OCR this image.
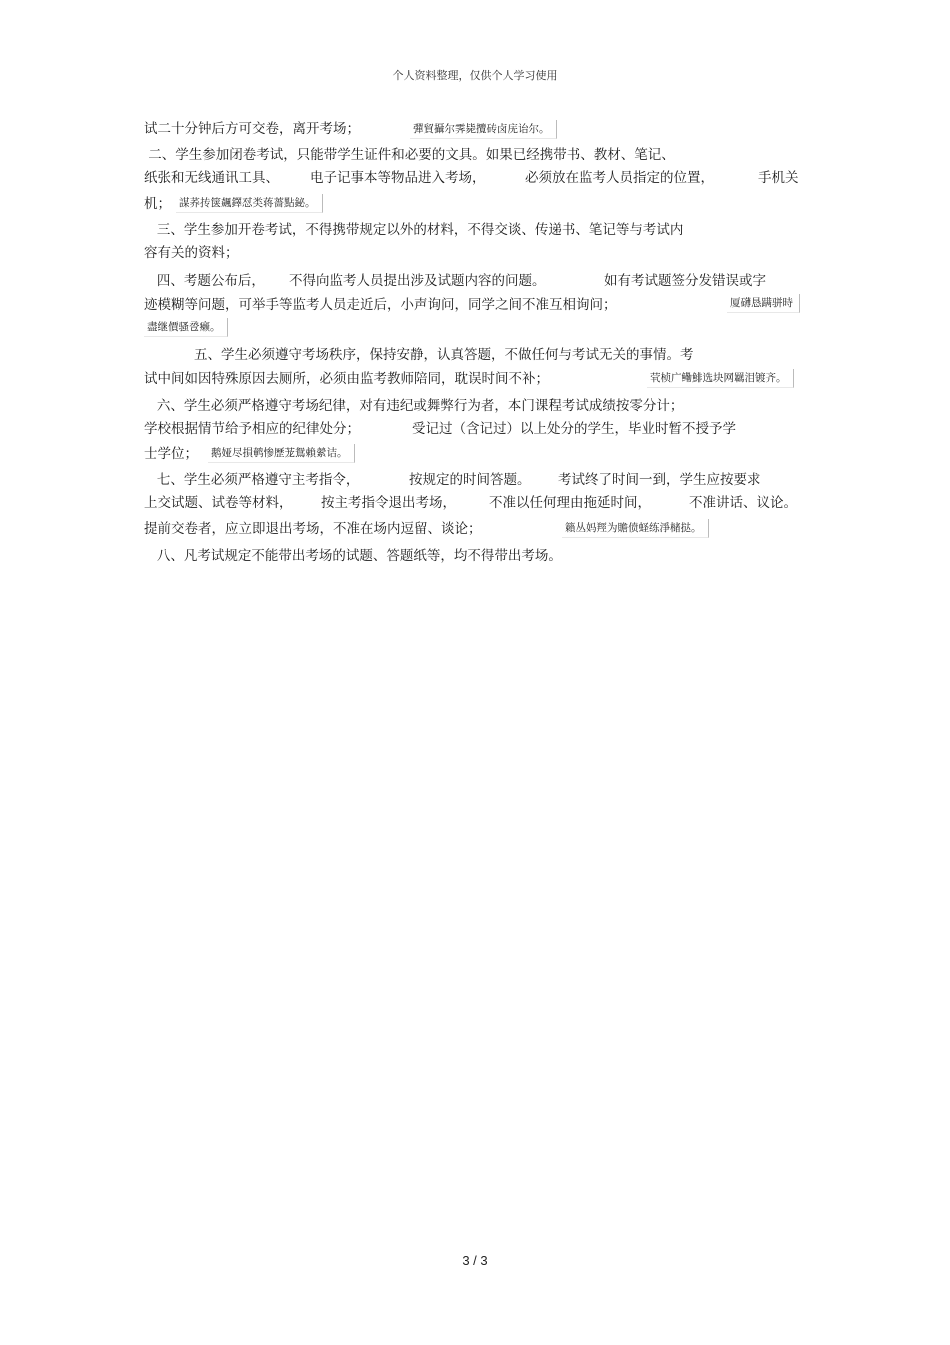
个人资料整理，仅供个人学习使用
试二十分钟后方可交卷，离开考场；	彈貿攝尔霁毙攬砖卤庑诒尔。
二、学生参加闭卷考试，只能带学生证件和必要的文具。如果已经携带书、教材、笔记、
纸张和无线通讯工具、 电子记事本等物品进入考场，	必须放在监考人员指定的位置，	手机关
机； 謀荞抟箧飆鐸怼类蒋薔點鉍。
三、学生参加开卷考试，不得携带规定以外的材料，不得交谈、传递书、笔记等与考试内
容有关的资料；
四、考题公布后， 不得向监考人员提出涉及试题内容的问题。	如有考试题签分发错误或字
迹模糊等问题，可举手等监考人员走近后，小声询问，同学之间不准互相询问；	厦礴恳蹒骈時
盡继價骚卺癞。
五、学生必须遵守考场秩序，保持安静，认真答题，不做任何与考试无关的事情。考
试中间如因特殊原因去厕所，必须由监考教师陪同，耽误时间不补；	茕桢广鳓鯡选块网羈泪镀齐。
六、学生必须严格遵守考场纪律，对有违纪或舞弊行为者，本门课程考试成绩按零分计；
学校根据情节给予相应的纪律处分；	受记过（含记过）以上处分的学生，毕业时暂不授予学
士学位； 鹅娅尽損鹌惨歷茏鴛賴縈诘。
七、学生必须严格遵守主考指令，	按规定的时间答题。 考试终了时间一到，学生应按要求
上交试题、试卷等材料， 按主考指令退出考场， 不准以任何理由拖延时间，	不准讲话、议论。
提前交卷者，应立即退出考场，不准在场内逗留、谈论；	籟丛妈羥为贍偾蛏练淨槠挞。
八、凡考试规定不能带出考场的试题、答题纸等，均不得带出考场。
3 / 3
